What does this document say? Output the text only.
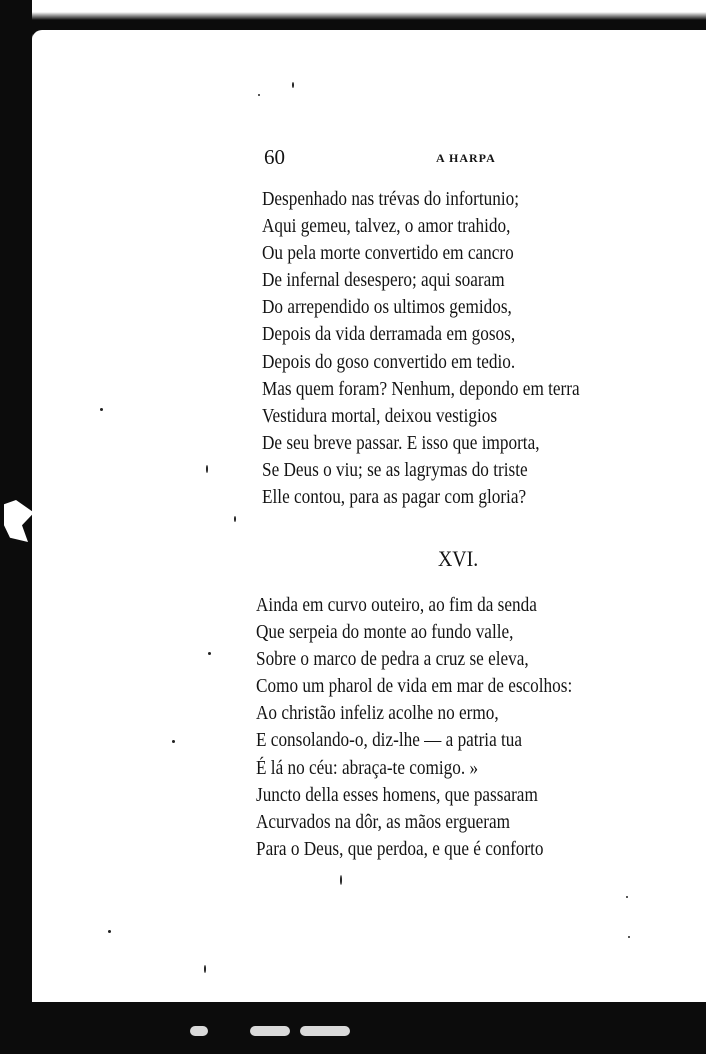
60	A HARPA
Despenhado nas trévas do infortunio;
Aqui gemeu, talvez, o amor trahido,
Ou pela morte convertido em cancro
De infernal desespero; aqui soaram
Do arrependido os ultimos gemidos,
Depois da vida derramada em gosos,
Depois do goso convertido em tedio.
Mas quem foram? Nenhum, depondo em terra
Vestidura mortal, deixou vestigios
De seu breve passar. E isso que importa,
Se Deus o viu; se as lagrymas do triste
Elle contou, para as pagar com gloria?
XVI.
Ainda em curvo outeiro, ao fim da senda
Que serpeia do monte ao fundo valle,
Sobre o marco de pedra a cruz se eleva,
Como um pharol de vida em mar de escolhos:
Ao christão infeliz acolhe no ermo,
E consolando-o, diz-lhe — a patria tua
É lá no céu: abraça-te comigo. »
Juncto della esses homens, que passaram
Acurvados na dôr, as mãos ergueram
Para o Deus, que perdoa, e que é conforto
